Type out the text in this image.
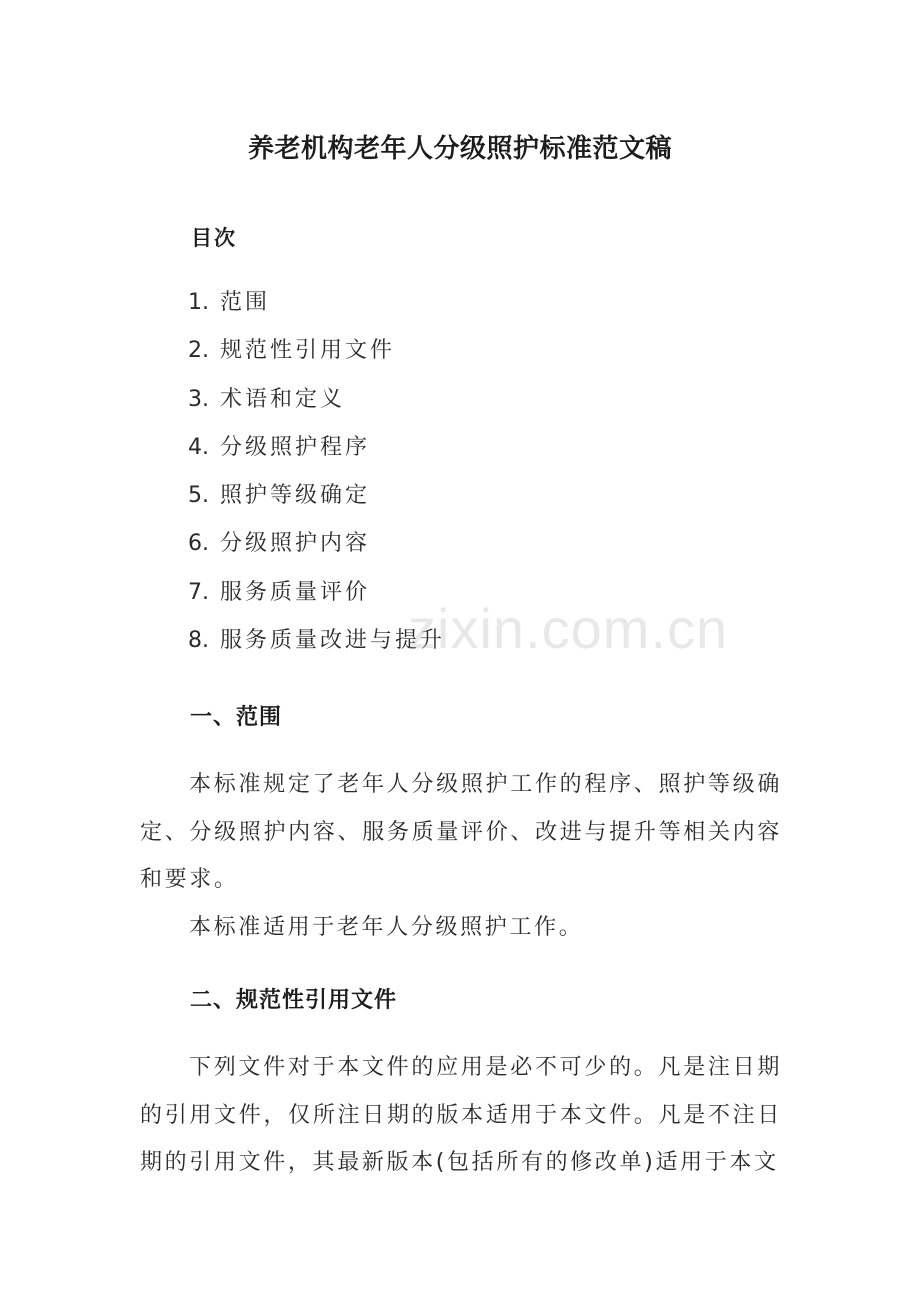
养老机构老年人分级照护标准范文稿
目次
1. 范围
2. 规范性引用文件
3. 术语和定义
4. 分级照护程序
5. 照护等级确定
6. 分级照护内容
7. 服务质量评价
8. 服务质量改进与提升
一、范围

本标准规定了老年人分级照护工作的程序、照护等级确定、分级照护内容、服务质量评价、改进与提升等相关内容和要求。

本标准适用于老年人分级照护工作。

二、规范性引用文件

下列文件对于本文件的应用是必不可少的。凡是注日期的引用文件，仅所注日期的版本适用于本文件。凡是不注日期的引用文件，其最新版本(包括所有的修改单)适用于本文

zixin.com.cn
